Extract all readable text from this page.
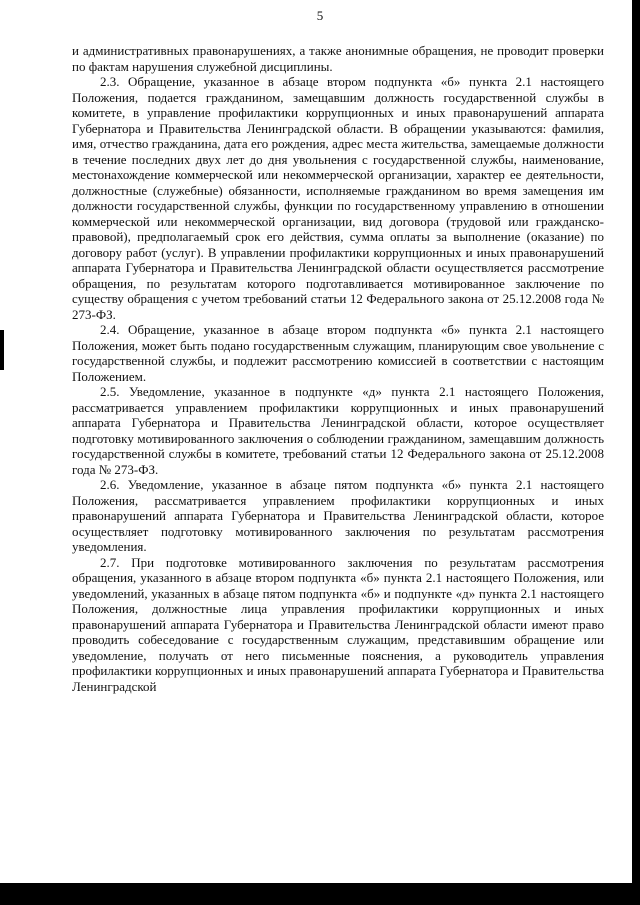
5

и административных правонарушениях, а также анонимные обращения, не проводит проверки по фактам нарушения служебной дисциплины.

2.3. Обращение, указанное в абзаце втором подпункта «б» пункта 2.1 настоящего Положения, подается гражданином, замещавшим должность государственной службы в комитете, в управление профилактики коррупционных и иных правонарушений аппарата Губернатора и Правительства Ленинградской области. В обращении указываются: фамилия, имя, отчество гражданина, дата его рождения, адрес места жительства, замещаемые должности в течение последних двух лет до дня увольнения с государственной службы, наименование, местонахождение коммерческой или некоммерческой организации, характер ее деятельности, должностные (служебные) обязанности, исполняемые гражданином во время замещения им должности государственной службы, функции по государственному управлению в отношении коммерческой или некоммерческой организации, вид договора (трудовой или гражданско-правовой), предполагаемый срок его действия, сумма оплаты за выполнение (оказание) по договору работ (услуг). В управлении профилактики коррупционных и иных правонарушений аппарата Губернатора и Правительства Ленинградской области осуществляется рассмотрение обращения, по результатам которого подготавливается мотивированное заключение по существу обращения с учетом требований статьи 12 Федерального закона от 25.12.2008 года № 273-ФЗ.

2.4. Обращение, указанное в абзаце втором подпункта «б» пункта 2.1 настоящего Положения, может быть подано государственным служащим, планирующим свое увольнение с государственной службы, и подлежит рассмотрению комиссией в соответствии с настоящим Положением.

2.5. Уведомление, указанное в подпункте «д» пункта 2.1 настоящего Положения, рассматривается управлением профилактики коррупционных и иных правонарушений аппарата Губернатора и Правительства Ленинградской области, которое осуществляет подготовку мотивированного заключения о соблюдении гражданином, замещавшим должность государственной службы в комитете, требований статьи 12 Федерального закона от 25.12.2008 года № 273-ФЗ.

2.6. Уведомление, указанное в абзаце пятом подпункта «б» пункта 2.1 настоящего Положения, рассматривается управлением профилактики коррупционных и иных правонарушений аппарата Губернатора и Правительства Ленинградской области, которое осуществляет подготовку мотивированного заключения по результатам рассмотрения уведомления.

2.7. При подготовке мотивированного заключения по результатам рассмотрения обращения, указанного в абзаце втором подпункта «б» пункта 2.1 настоящего Положения, или уведомлений, указанных в абзаце пятом подпункта «б» и подпункте «д» пункта 2.1 настоящего Положения, должностные лица управления профилактики коррупционных и иных правонарушений аппарата Губернатора и Правительства Ленинградской области имеют право проводить собеседование с государственным служащим, представившим обращение или уведомление, получать от него письменные пояснения, а руководитель управления профилактики коррупционных и иных правонарушений аппарата Губернатора и Правительства Ленинградской
